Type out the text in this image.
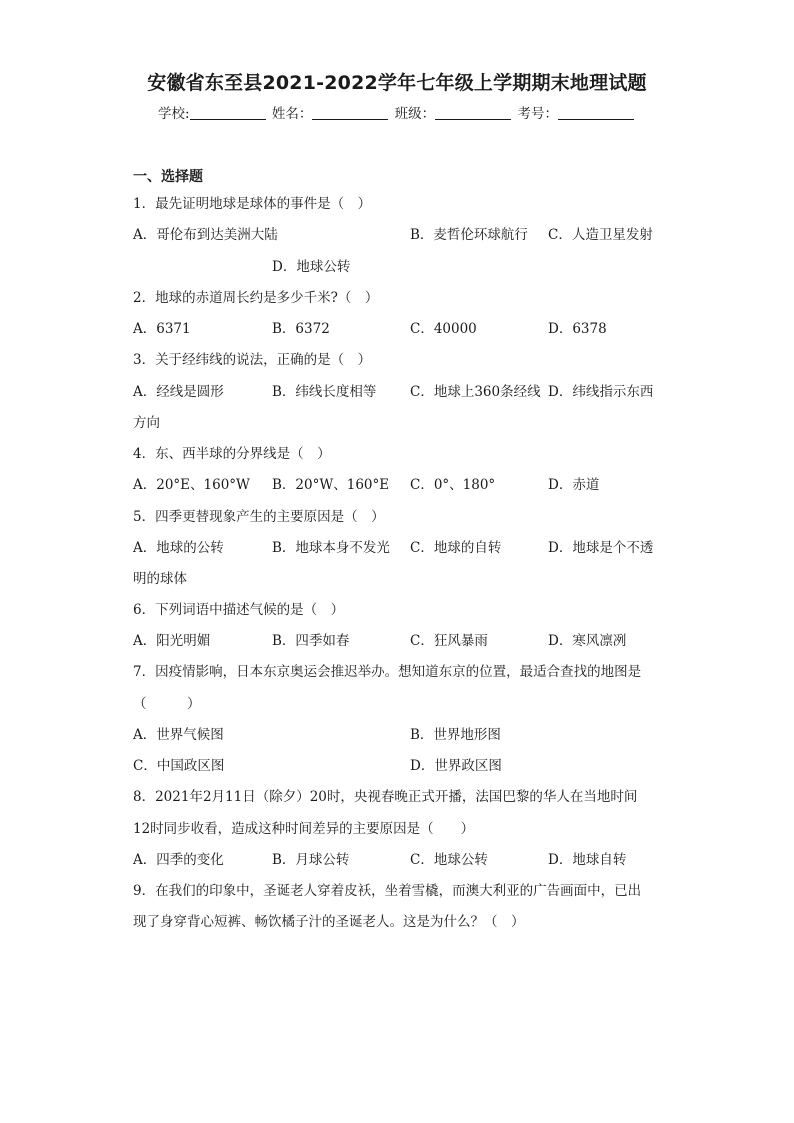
安徽省东至县2021-2022学年七年级上学期期末地理试题
学校:	姓名：	班级：	考号：
一、选择题
1．最先证明地球是球体的事件是（　）
A．哥伦布到达美洲大陆	B．麦哲伦环球航行 C．人造卫星发射
D．地球公转
2．地球的赤道周长约是多少千米?（　）
A．6371	B．6372	C．40000	D．6378
3．关于经纬线的说法，正确的是（　）
A．经线是圆形	B．纬线长度相等 C．地球上360条经线 D．纬线指示东西
方向
4．东、西半球的分界线是（　）
A．20°E、160°W B．20°W、160°E C．0°、180°	D．赤道
5．四季更替现象产生的主要原因是（　）
A．地球的公转	B．地球本身不发光 C．地球的自转	D．地球是个不透
明的球体
6．下列词语中描述气候的是（　）
A．阳光明媚	B．四季如春	C．狂风暴雨	D．寒风凛冽
7．因疫情影响，日本东京奥运会推迟举办。想知道东京的位置，最适合查找的地图是
（　　　）
A．世界气候图	B．世界地形图
C．中国政区图	D．世界政区图
8．2021年2月11日（除夕）20时，央视春晚正式开播，法国巴黎的华人在当地时间
12时同步收看，造成这种时间差异的主要原因是（　　）
A．四季的变化	B．月球公转	C．地球公转	D．地球自转
9．在我们的印象中，圣诞老人穿着皮袄，坐着雪橇，而澳大利亚的广告画面中，已出
现了身穿背心短裤、畅饮橘子汁的圣诞老人。这是为什么？（　）
